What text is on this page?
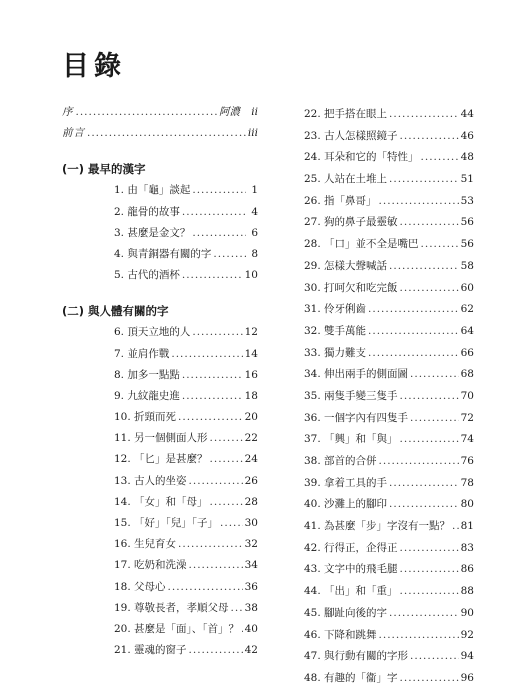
目錄
序 .....	阿濃	ii
前言 .....	iii
(一) 最早的漢字
1. 由「龜」談起 .....	1
2. 龍骨的故事 .....	4
3. 甚麼是金文？ .....	6
4. 與青銅器有關的字 .....	8
5. 古代的酒杯 .....	10
(二) 與人體有關的字
6. 頂天立地的人 .....	12
7. 並肩作戰 .....	14
8. 加多一點點 .....	16
9. 九紋龍史進 .....	18
10. 折頸而死 .....	20
11. 另一個側面人形 .....	22
12. 「匕」是甚麼？ .....	24
13. 古人的坐姿 .....	26
14. 「女」和「母」 .....	28
15. 「好」「兒」「子」 .....	30
16. 生兒育女 .....	32
17. 吃奶和洗澡 .....	34
18. 父母心 .....	36
19. 尊敬長者，孝順父母 ..... 38
20. 甚麼是「面」、「首」？ ..... 40
21. 靈魂的窗子 .....	42
22. 把手搭在眼上 .....	44
23. 古人怎樣照鏡子 .....	46
24. 耳朵和它的「特性」 .....	48
25. 人站在土堆上 .....	51
26. 指「鼻哥」 .....	53
27. 狗的鼻子最靈敏 .....	56
28. 「口」並不全是嘴巴 .....	56
29. 怎樣大聲喊話 .....	58
30. 打呵欠和吃完飯 .....	60
31. 伶牙俐齒 .....	62
32. 雙手萬能 .....	64
33. 獨力難支 .....	66
34. 伸出兩手的側面圖 .....	68
35. 兩隻手變三隻手 .....	70
36. 一個字內有四隻手 .....	72
37. 「興」和「與」 .....	74
38. 部首的合併 .....	76
39. 拿着工具的手 .....	78
40. 沙灘上的腳印 .....	80
41. 為甚麼「步」字沒有一點？ ..... 81
42. 行得正，企得正 .....	83
43. 文字中的飛毛腿 .....	86
44. 「出」和「重」 .....	88
45. 腳趾向後的字 .....	90
46. 下降和跳舞 .....	92
47. 與行動有關的字形 .....	94
48. 有趣的「衞」字 .....	96
